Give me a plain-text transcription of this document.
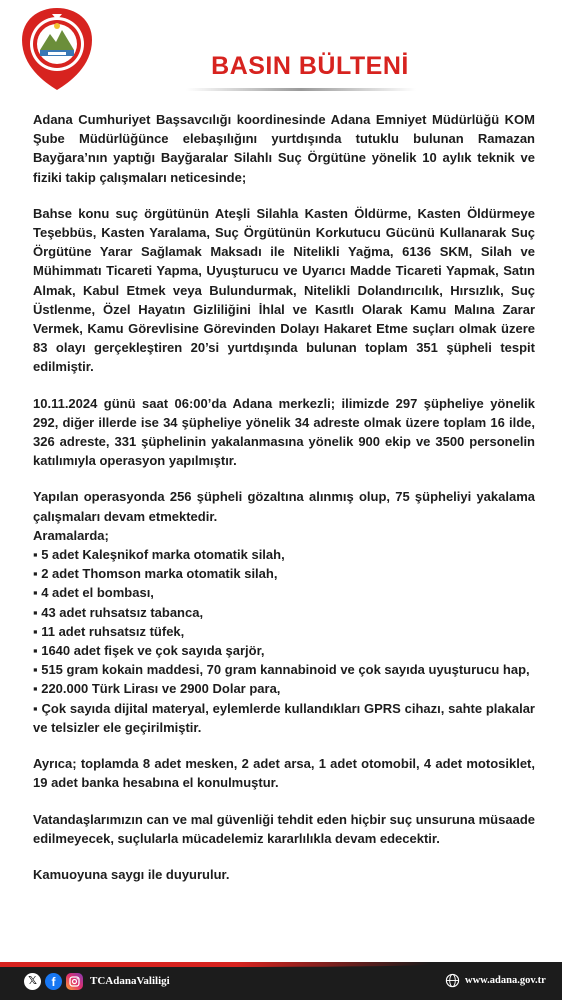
BASIN BÜLTENİ

Adana Cumhuriyet Başsavcılığı koordinesinde Adana Emniyet Müdürlüğü KOM Şube Müdürlüğünce elebaşılığını yurtdışında tutuklu bulunan Ramazan Bayğara’nın yaptığı Bayğaralar Silahlı Suç Örgütüne yönelik 10 aylık teknik ve fiziki takip çalışmaları neticesinde;

Bahse konu suç örgütünün Ateşli Silahla Kasten Öldürme, Kasten Öldürmeye Teşebbüs, Kasten Yaralama, Suç Örgütünün Korkutucu Gücünü Kullanarak Suç Örgütüne Yarar Sağlamak Maksadı ile Nitelikli Yağma, 6136 SKM, Silah ve Mühimmatı Ticareti Yapma, Uyuşturucu ve Uyarıcı Madde Ticareti Yapmak, Satın Almak, Kabul Etmek veya Bulundurmak, Nitelikli Dolandırıcılık, Hırsızlık, Suç Üstlenme, Özel Hayatın Gizliliğini İhlal ve Kasıtlı Olarak Kamu Malına Zarar Vermek, Kamu Görevlisine Görevinden Dolayı Hakaret Etme suçları olmak üzere 83 olayı gerçekleştiren 20’si yurtdışında bulunan toplam 351 şüpheli tespit edilmiştir.

10.11.2024 günü saat 06:00’da Adana merkezli; ilimizde 297 şüpheliye yönelik 292, diğer illerde ise 34 şüpheliye yönelik 34 adreste olmak üzere toplam 16 ilde, 326 adreste, 331 şüphelinin yakalanmasına yönelik 900 ekip ve 3500 personelin katılımıyla operasyon yapılmıştır.

Yapılan operasyonda 256 şüpheli gözaltına alınmış olup, 75 şüpheliyi yakalama çalışmaları devam etmektedir.

Aramalarda;

▪ 5 adet Kaleşnikof marka otomatik silah,

▪ 2 adet Thomson marka otomatik silah,

▪ 4 adet el bombası,

▪ 43 adet ruhsatsız tabanca,

▪ 11 adet ruhsatsız tüfek,

▪ 1640 adet fişek ve çok sayıda şarjör,

▪ 515 gram kokain maddesi, 70 gram kannabinoid ve çok sayıda uyuşturucu hap,

▪ 220.000 Türk Lirası ve 2900 Dolar para,

▪ Çok sayıda dijital materyal, eylemlerde kullandıkları GPRS cihazı, sahte plakalar ve telsizler ele geçirilmiştir.

Ayrıca; toplamda 8 adet mesken, 2 adet arsa, 1 adet otomobil, 4 adet motosiklet, 19 adet banka hesabına el konulmuştur.

Vatandaşlarımızın can ve mal güvenliği tehdit eden hiçbir suç unsuruna müsaade edilmeyecek, suçlularla mücadelemiz kararlılıkla devam edecektir.

Kamuoyuna saygı ile duyurulur.

𝕏	f	TCAdanaValiligi	www.adana.gov.tr
